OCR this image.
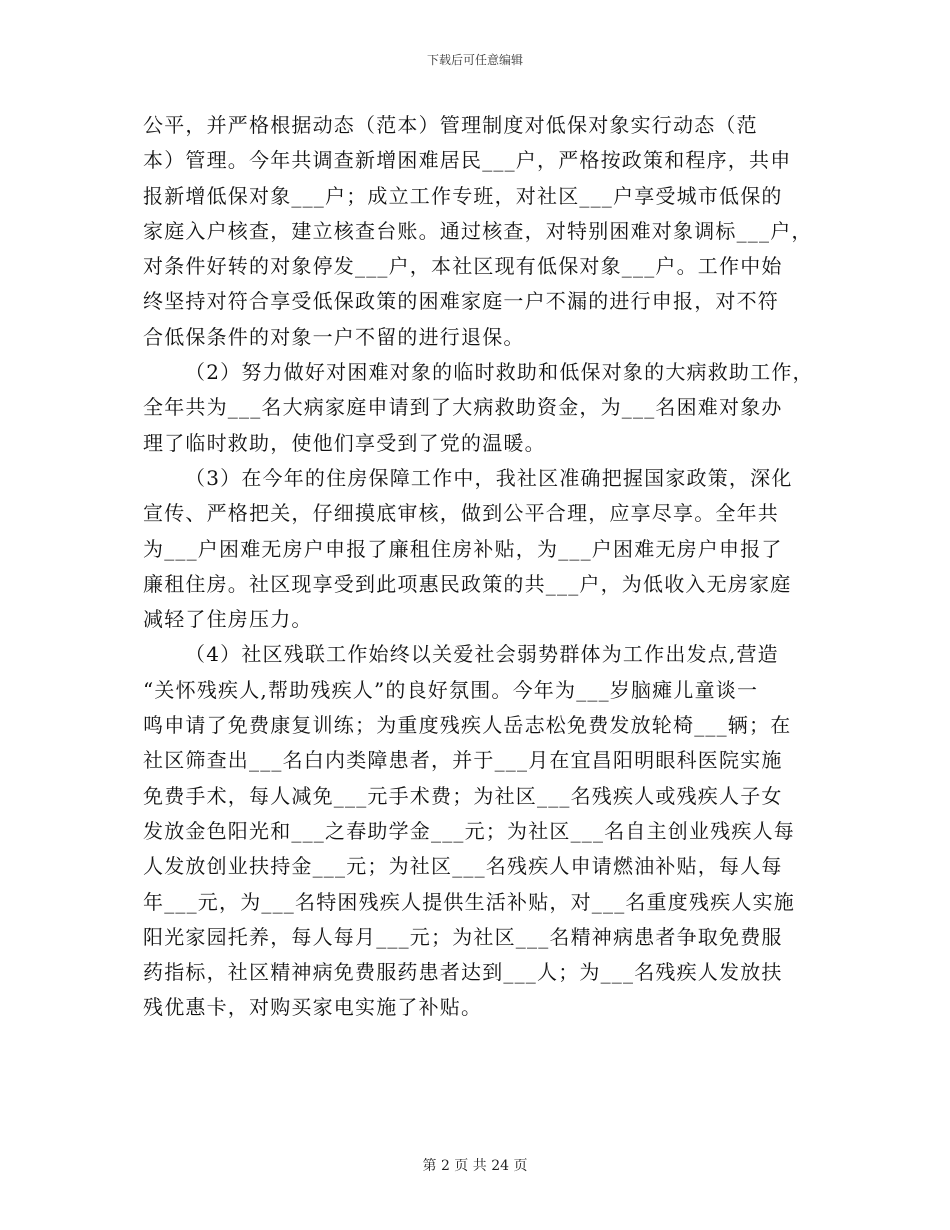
下载后可任意编辑
公平，并严格根据动态（范本）管理制度对低保对象实行动态（范
本）管理。今年共调查新增困难居民___户，严格按政策和程序，共申
报新增低保对象___户；成立工作专班，对社区___户享受城市低保的
家庭入户核查，建立核查台账。通过核查，对特别困难对象调标___户，
对条件好转的对象停发___户，本社区现有低保对象___户。工作中始
终坚持对符合享受低保政策的困难家庭一户不漏的进行申报，对不符
合低保条件的对象一户不留的进行退保。
（2）努力做好对困难对象的临时救助和低保对象的大病救助工作，
全年共为___名大病家庭申请到了大病救助资金，为___名困难对象办
理了临时救助，使他们享受到了党的温暖。
（3）在今年的住房保障工作中，我社区准确把握国家政策，深化
宣传、严格把关，仔细摸底审核，做到公平合理，应享尽享。全年共
为___户困难无房户申报了廉租住房补贴，为___户困难无房户申报了
廉租住房。社区现享受到此项惠民政策的共___户，为低收入无房家庭
减轻了住房压力。
（4）社区残联工作始终以关爱社会弱势群体为工作出发点,营造
“关怀残疾人,帮助残疾人”的良好氛围。今年为___岁脑瘫儿童谈一
鸣申请了免费康复训练；为重度残疾人岳志松免费发放轮椅___辆；在
社区筛查出___名白内类障患者，并于___月在宜昌阳明眼科医院实施
免费手术，每人减免___元手术费；为社区___名残疾人或残疾人子女
发放金色阳光和___之春助学金___元；为社区___名自主创业残疾人每
人发放创业扶持金___元；为社区___名残疾人申请燃油补贴，每人每
年___元，为___名特困残疾人提供生活补贴，对___名重度残疾人实施
阳光家园托养，每人每月___元；为社区___名精神病患者争取免费服
药指标，社区精神病免费服药患者达到___人；为___名残疾人发放扶
残优惠卡，对购买家电实施了补贴。
第 2 页 共 24 页
